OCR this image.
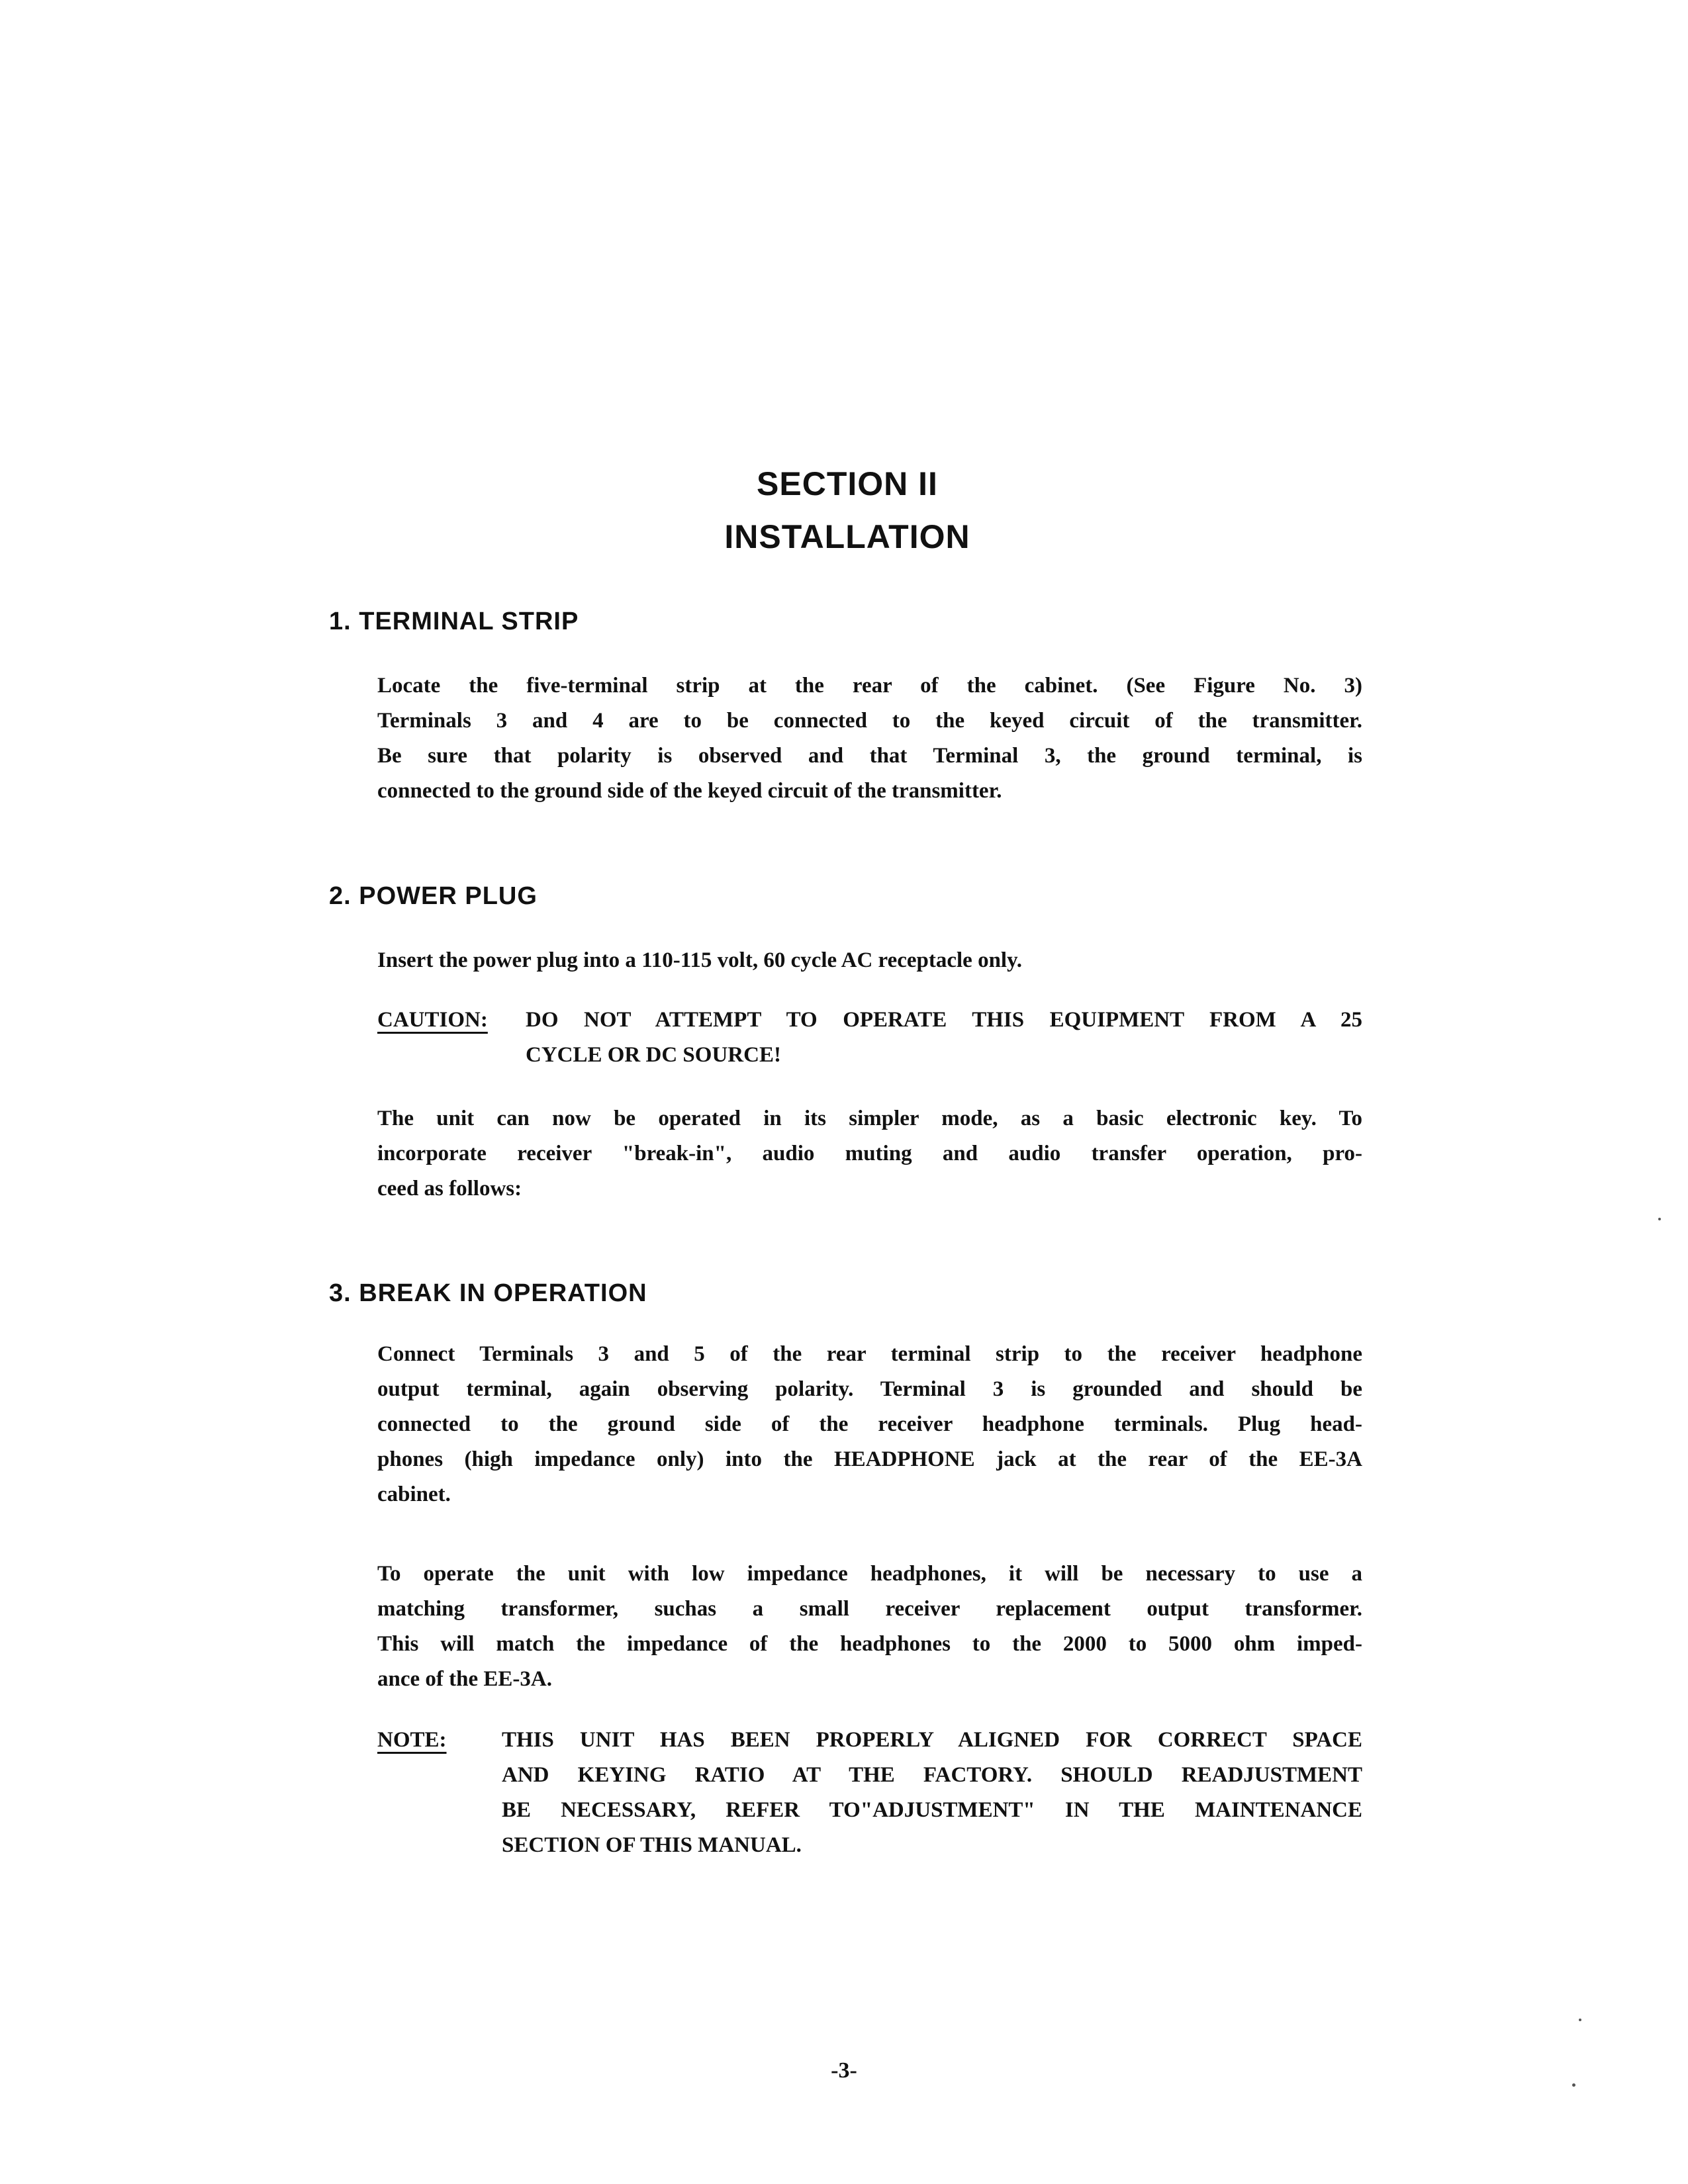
SECTION II
INSTALLATION
1. TERMINAL STRIP
Locate the five-terminal strip at the rear of the cabinet. (See Figure No. 3)
Terminals 3 and 4 are to be connected to the keyed circuit of the transmitter.
Be sure that polarity is observed and that Terminal 3, the ground terminal, is
connected to the ground side of the keyed circuit of the transmitter.
2. POWER PLUG
Insert the power plug into a 110-115 volt, 60 cycle AC receptacle only.
CAUTION: DO NOT ATTEMPT TO OPERATE THIS EQUIPMENT FROM A 25
CYCLE OR DC SOURCE!
The unit can now be operated in its simpler mode, as a basic electronic key. To
incorporate receiver "break-in", audio muting and audio transfer operation, pro-
ceed as follows:
3. BREAK IN OPERATION
Connect Terminals 3 and 5 of the rear terminal strip to the receiver headphone
output terminal, again observing polarity. Terminal 3 is grounded and should be
connected to the ground side of the receiver headphone terminals. Plug head-
phones (high impedance only) into the HEADPHONE jack at the rear of the EE-3A
cabinet.
To operate the unit with low impedance headphones, it will be necessary to use a
matching transformer, suchas a small receiver replacement output transformer.
This will match the impedance of the headphones to the 2000 to 5000 ohm imped-
ance of the EE-3A.
NOTE:	THIS UNIT HAS BEEN PROPERLY ALIGNED FOR CORRECT SPACE
AND KEYING RATIO AT THE FACTORY. SHOULD READJUSTMENT
BE NECESSARY, REFER TO"ADJUSTMENT" IN THE MAINTENANCE
SECTION OF THIS MANUAL.
-3-
